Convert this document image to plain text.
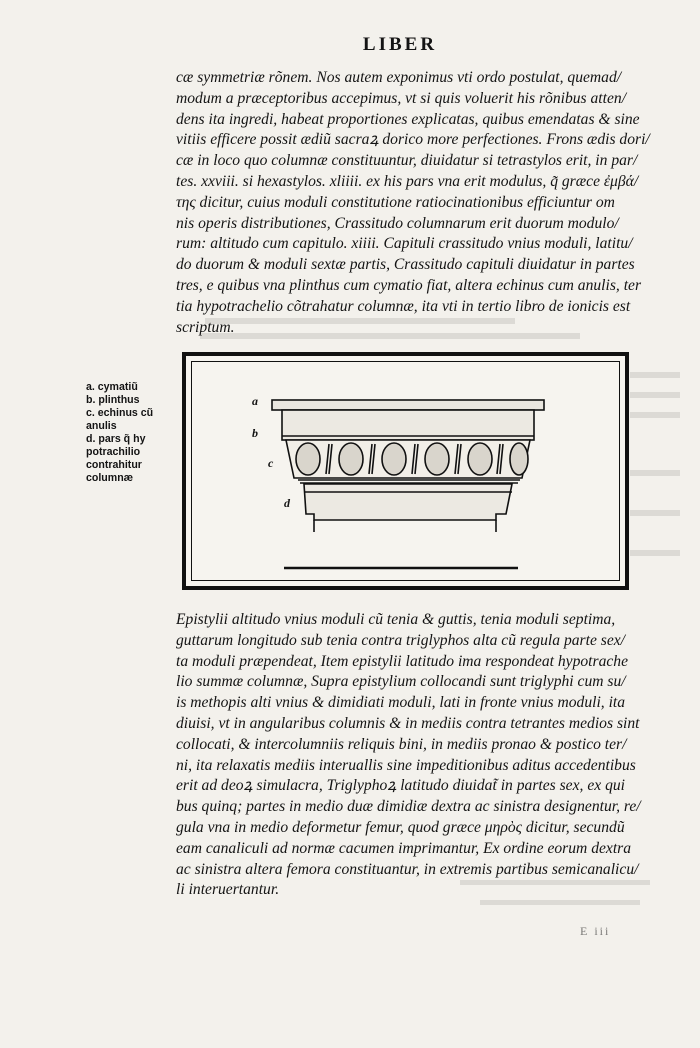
LIBER
cæ symmetriæ rõnem. Nos autem exponimus vti ordo postulat, quemad/
modum a præceptoribus accepimus, vt si quis voluerit his rõnibus atten/
dens ita ingredi, habeat proportiones explicatas, quibus emendatas & sine
vitiis efficere possit ædiũ sacraꝝ dorico more perfectiones. Frons ædis dori/
cæ in loco quo columnæ constituuntur, diuidatur si tetrastylos erit, in par/
tes. xxviii. si hexastylos. xliiii. ex his pars vna erit modulus, q̃ græce ἐμβά/
της dicitur, cuius moduli constitutione ratiocinationibus efficiuntur om
nis operis distributiones, Crassitudo columnarum erit duorum modulo/
rum: altitudo cum capitulo. xiiii. Capituli crassitudo vnius moduli, latitu/
do duorum & moduli sextæ partis, Crassitudo capituli diuidatur in partes
tres, e quibus vna plinthus cum cymatio fiat, altera echinus cum anulis, ter
tia hypotrachelio cõtrahatur columnæ, ita vti in tertio libro de ionicis est
scriptum.
a. cymatiũ
b. plinthus
c. echinus cũ
anulis
d. pars q̃ hy
potrachilio
contrahitur
columnæ
a
b
c
d
Epistylii altitudo vnius moduli cũ tenia & guttis, tenia moduli septima,
guttarum longitudo sub tenia contra triglyphos alta cũ regula parte sex/
ta moduli præpendeat, Item epistylii latitudo ima respondeat hypotrache
lio summæ columnæ, Supra epistylium collocandi sunt triglyphi cum su/
is methopis alti vnius & dimidiati moduli, lati in fronte vnius moduli, ita
diuisi, vt in angularibus columnis & in mediis contra tetrantes medios sint
collocati, & intercolumniis reliquis bini, in mediis pronao & postico ter/
ni, ita relaxatis mediis interuallis sine impeditionibus aditus accedentibus
erit ad deoꝝ simulacra, Triglyphoꝝ latitudo diuidat̃ in partes sex, ex qui
bus quinq; partes in medio duæ dimidiæ dextra ac sinistra designentur, re/
gula vna in medio deformetur femur, quod græce μηρὸς dicitur, secundũ
eam canaliculi ad normæ cacumen imprimantur, Ex ordine eorum dextra
ac sinistra altera femora constituantur, in extremis partibus semicanalicu/
li interuertantur.
E iii
